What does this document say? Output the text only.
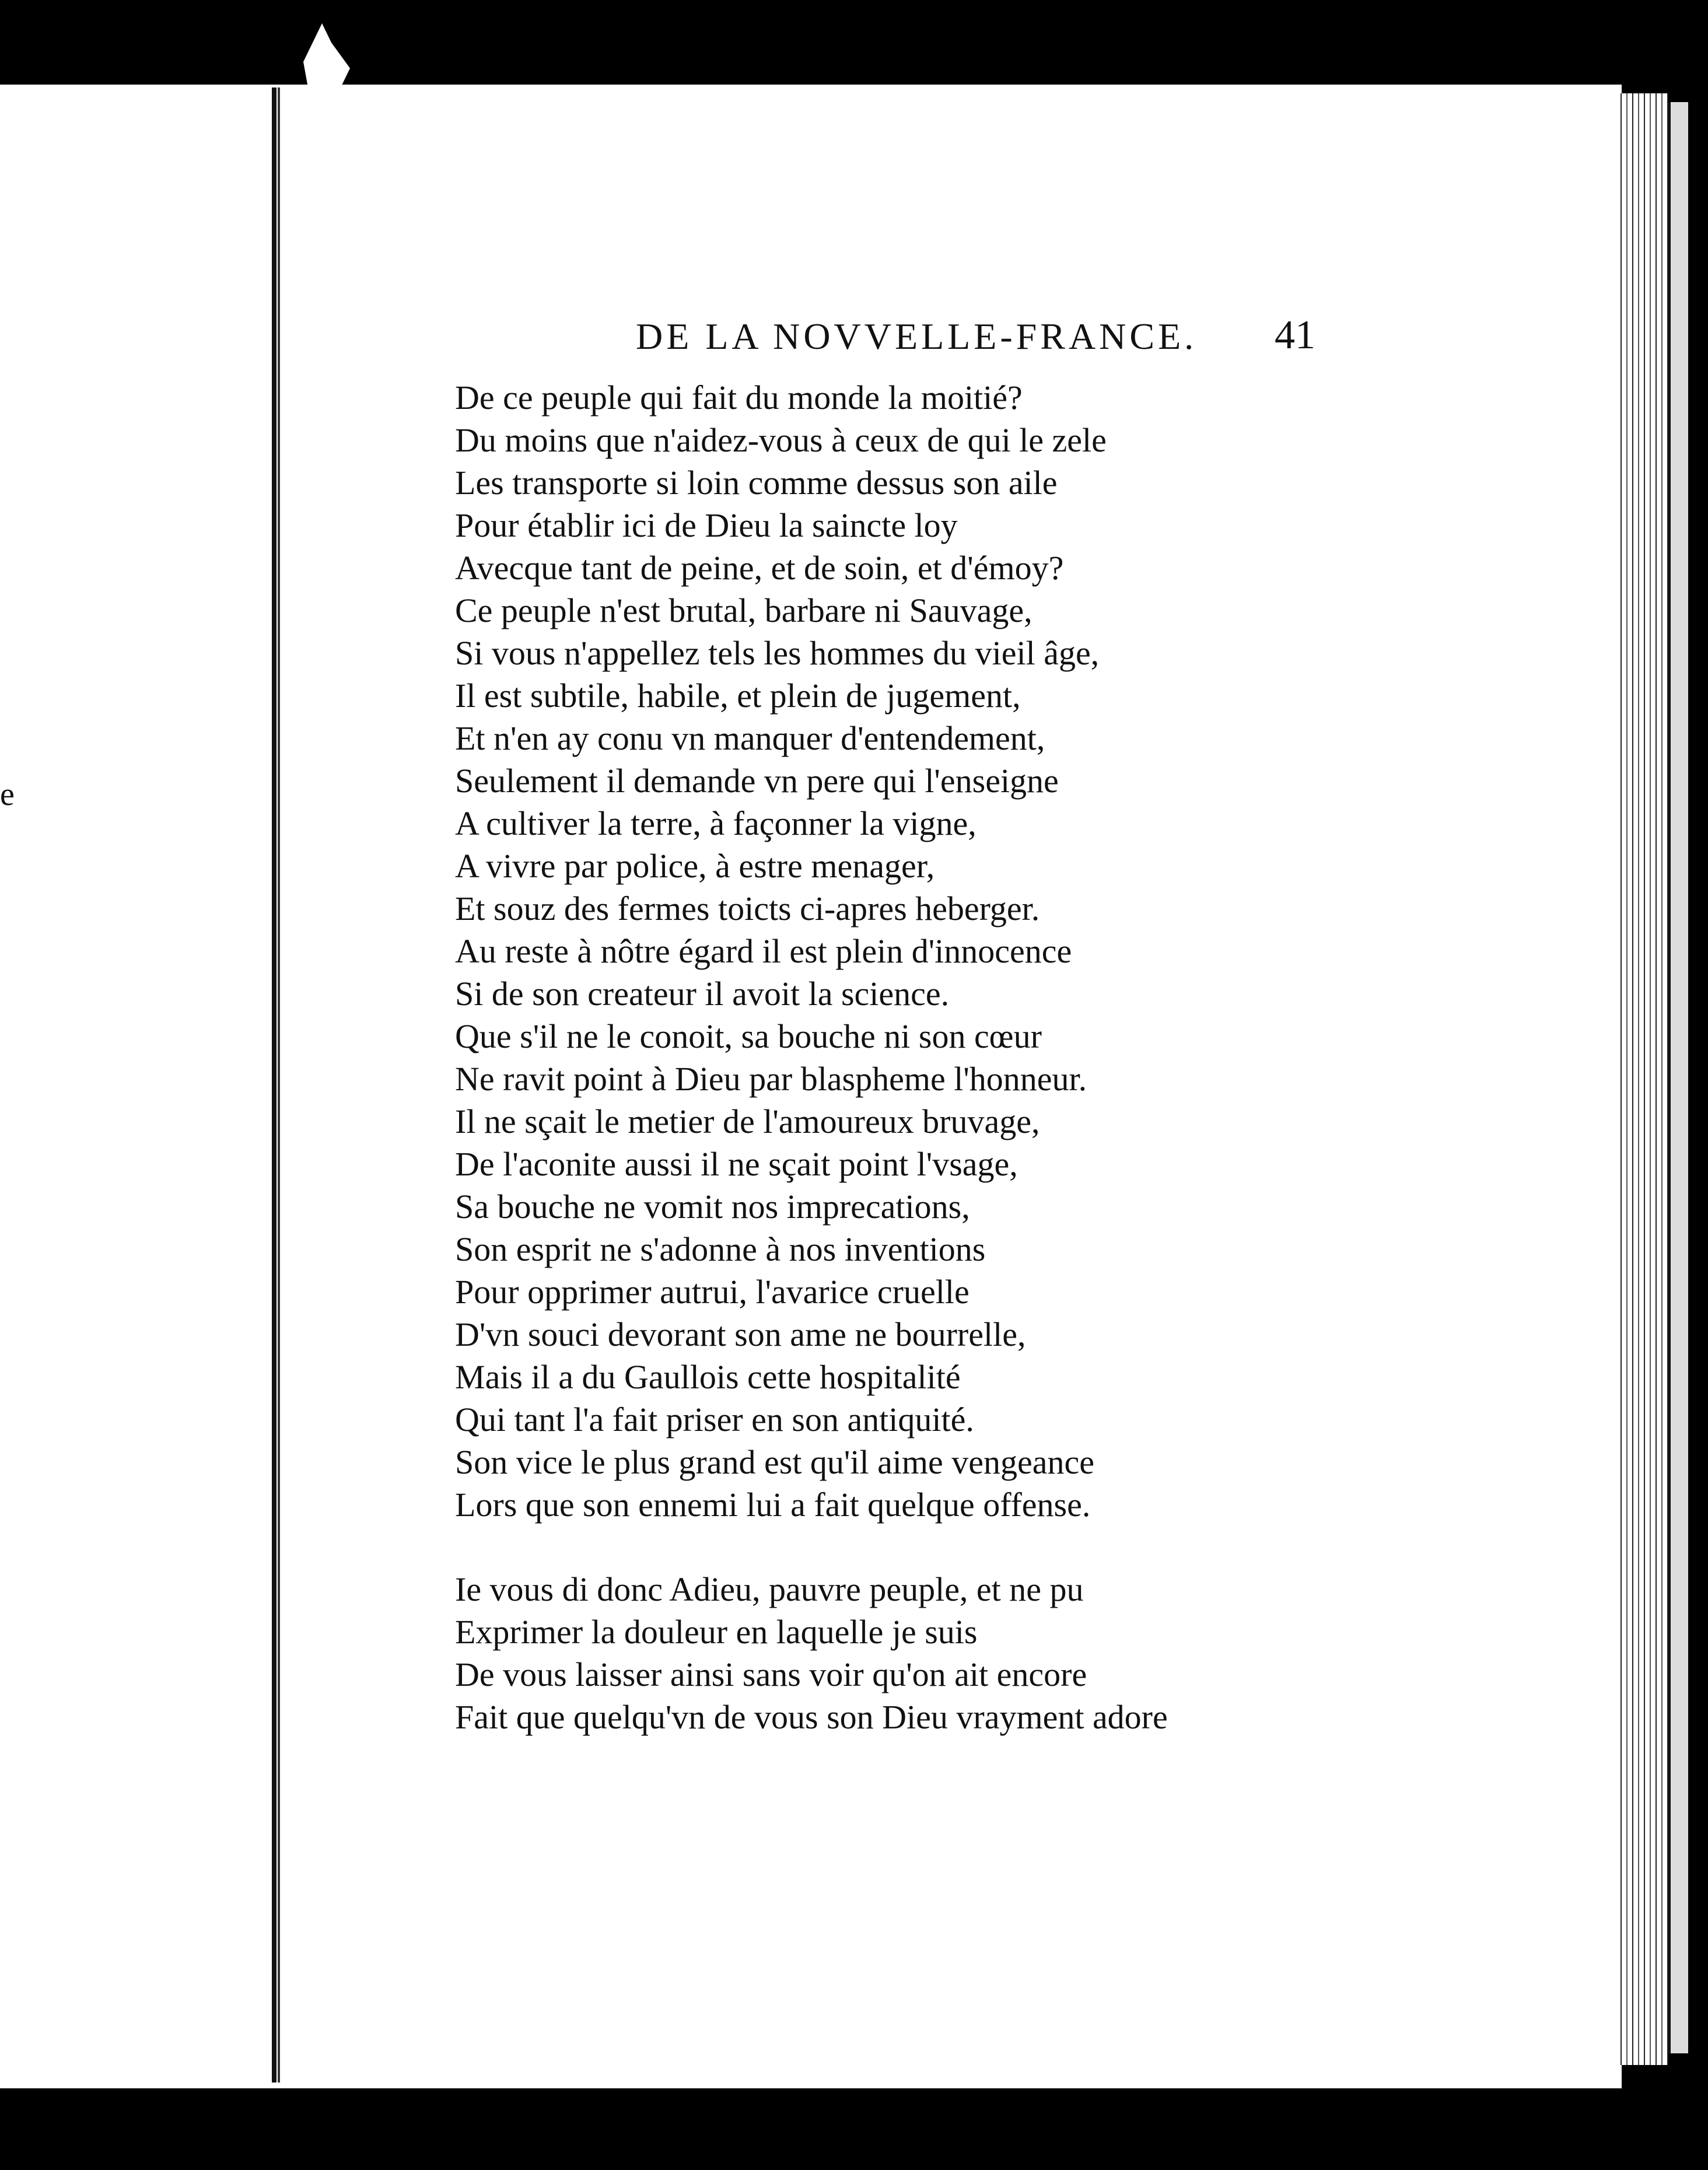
e
DE LA NOVVELLE-FRANCE. 41
De ce peuple qui fait du monde la moitié?
Du moins que n'aidez-vous à ceux de qui le zele
Les transporte si loin comme dessus son aile
Pour établir ici de Dieu la saincte loy
Avecque tant de peine, et de soin, et d'émoy?
Ce peuple n'est brutal, barbare ni Sauvage,
Si vous n'appellez tels les hommes du vieil âge,
Il est subtile, habile, et plein de jugement,
Et n'en ay conu vn manquer d'entendement,
Seulement il demande vn pere qui l'enseigne
A cultiver la terre, à façonner la vigne,
A vivre par police, à estre menager,
Et souz des fermes toicts ci-apres heberger.
Au reste à nôtre égard il est plein d'innocence
Si de son createur il avoit la science.
Que s'il ne le conoit, sa bouche ni son cœur
Ne ravit point à Dieu par blaspheme l'honneur.
Il ne sçait le metier de l'amoureux bruvage,
De l'aconite aussi il ne sçait point l'vsage,
Sa bouche ne vomit nos imprecations,
Son esprit ne s'adonne à nos inventions
Pour opprimer autrui, l'avarice cruelle
D'vn souci devorant son ame ne bourrelle,
Mais il a du Gaullois cette hospitalité
Qui tant l'a fait priser en son antiquité.
Son vice le plus grand est qu'il aime vengeance
Lors que son ennemi lui a fait quelque offense.
Ie vous di donc Adieu, pauvre peuple, et ne pu
Exprimer la douleur en laquelle je suis
De vous laisser ainsi sans voir qu'on ait encore
Fait que quelqu'vn de vous son Dieu vrayment adore
